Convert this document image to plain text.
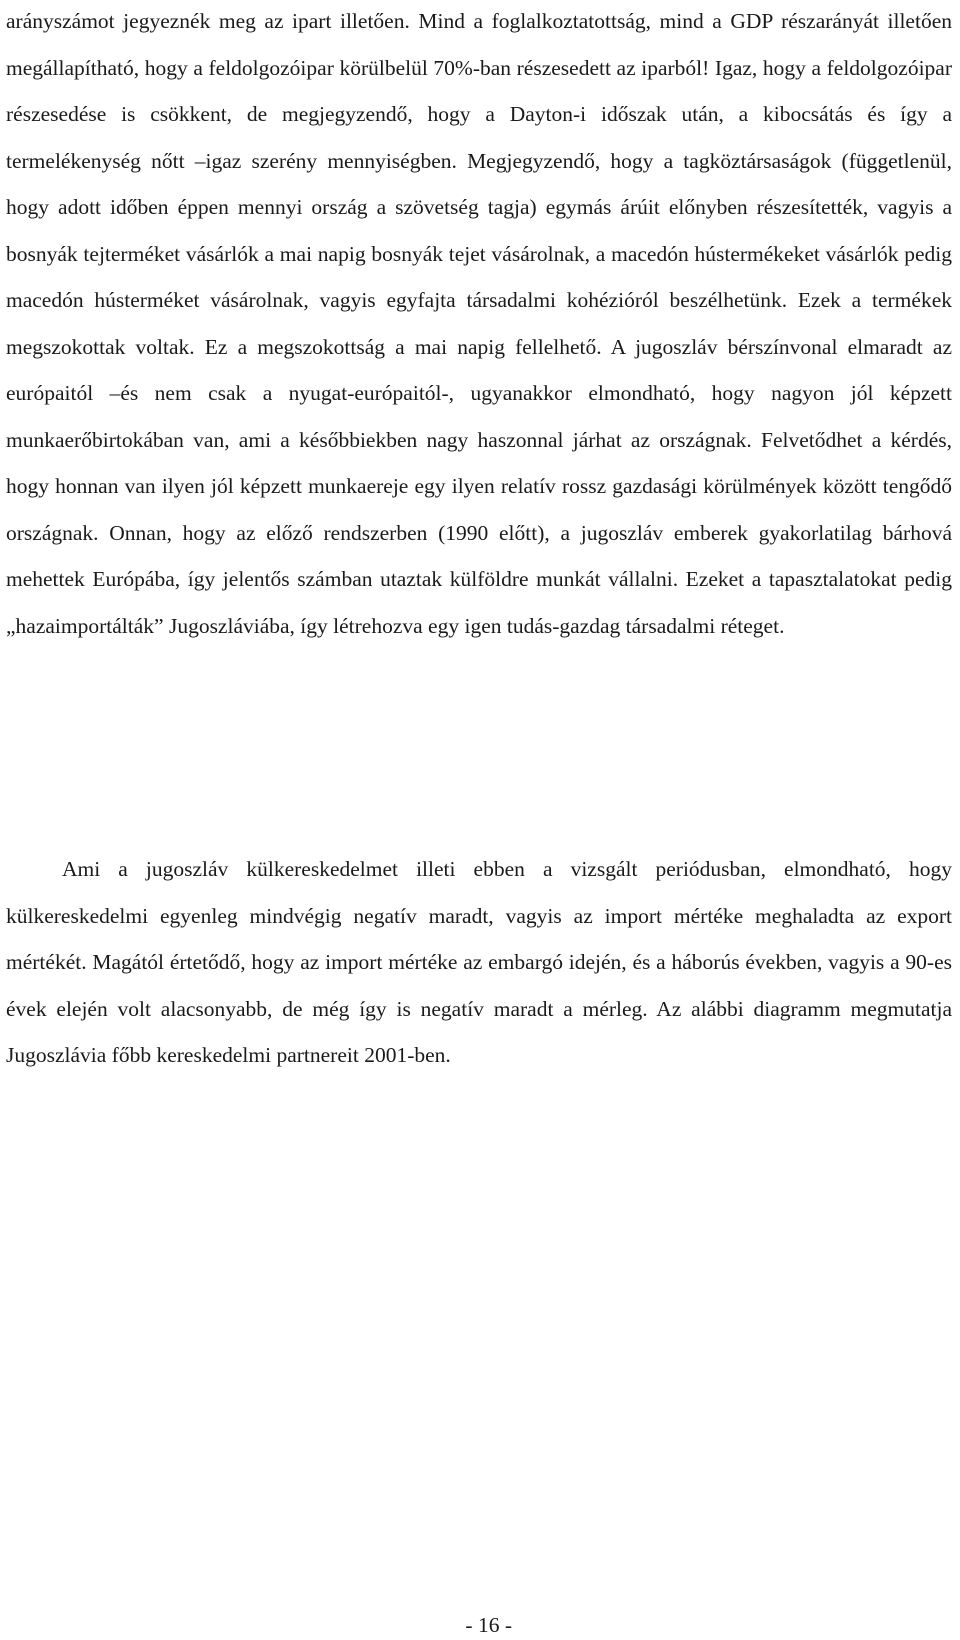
arányszámot jegyeznék meg az ipart illetően. Mind a foglalkoztatottság, mind a GDP részarányát illetően megállapítható, hogy a feldolgozóipar körülbelül 70%-ban részesedett az iparból! Igaz, hogy a feldolgozóipar részesedése is csökkent, de megjegyzendő, hogy a Dayton-i időszak után, a kibocsátás és így a termelékenység nőtt –igaz szerény mennyiségben. Megjegyzendő, hogy a tagköztársaságok (függetlenül, hogy adott időben éppen mennyi ország a szövetség tagja) egymás árúit előnyben részesítették, vagyis a bosnyák tejterméket vásárlók a mai napig bosnyák tejet vásárolnak, a macedón hústermékeket vásárlók pedig macedón hústerméket vásárolnak, vagyis egyfajta társadalmi kohézióról beszélhetünk. Ezek a termékek megszokottak voltak. Ez a megszokottság a mai napig fellelhető. A jugoszláv bérszínvonal elmaradt az európaitól –és nem csak a nyugat-európaitól-, ugyanakkor elmondható, hogy nagyon jól képzett munkaerőbirtokában van, ami a későbbiekben nagy haszonnal járhat az országnak. Felvetődhet a kérdés, hogy honnan van ilyen jól képzett munkaereje egy ilyen relatív rossz gazdasági körülmények között tengődő országnak. Onnan, hogy az előző rendszerben (1990 előtt), a jugoszláv emberek gyakorlatilag bárhová mehettek Európába, így jelentős számban utaztak külföldre munkát vállalni. Ezeket a tapasztalatokat pedig „hazaimportálták” Jugoszláviába, így létrehozva egy igen tudás-gazdag társadalmi réteget.

Ami a jugoszláv külkereskedelmet illeti ebben a vizsgált periódusban, elmondható, hogy külkereskedelmi egyenleg mindvégig negatív maradt, vagyis az import mértéke meghaladta az export mértékét. Magától értetődő, hogy az import mértéke az embargó idején, és a háborús években, vagyis a 90-es évek elején volt alacsonyabb, de még így is negatív maradt a mérleg. Az alábbi diagramm megmutatja Jugoszlávia főbb kereskedelmi partnereit 2001-ben.

- 16 -
